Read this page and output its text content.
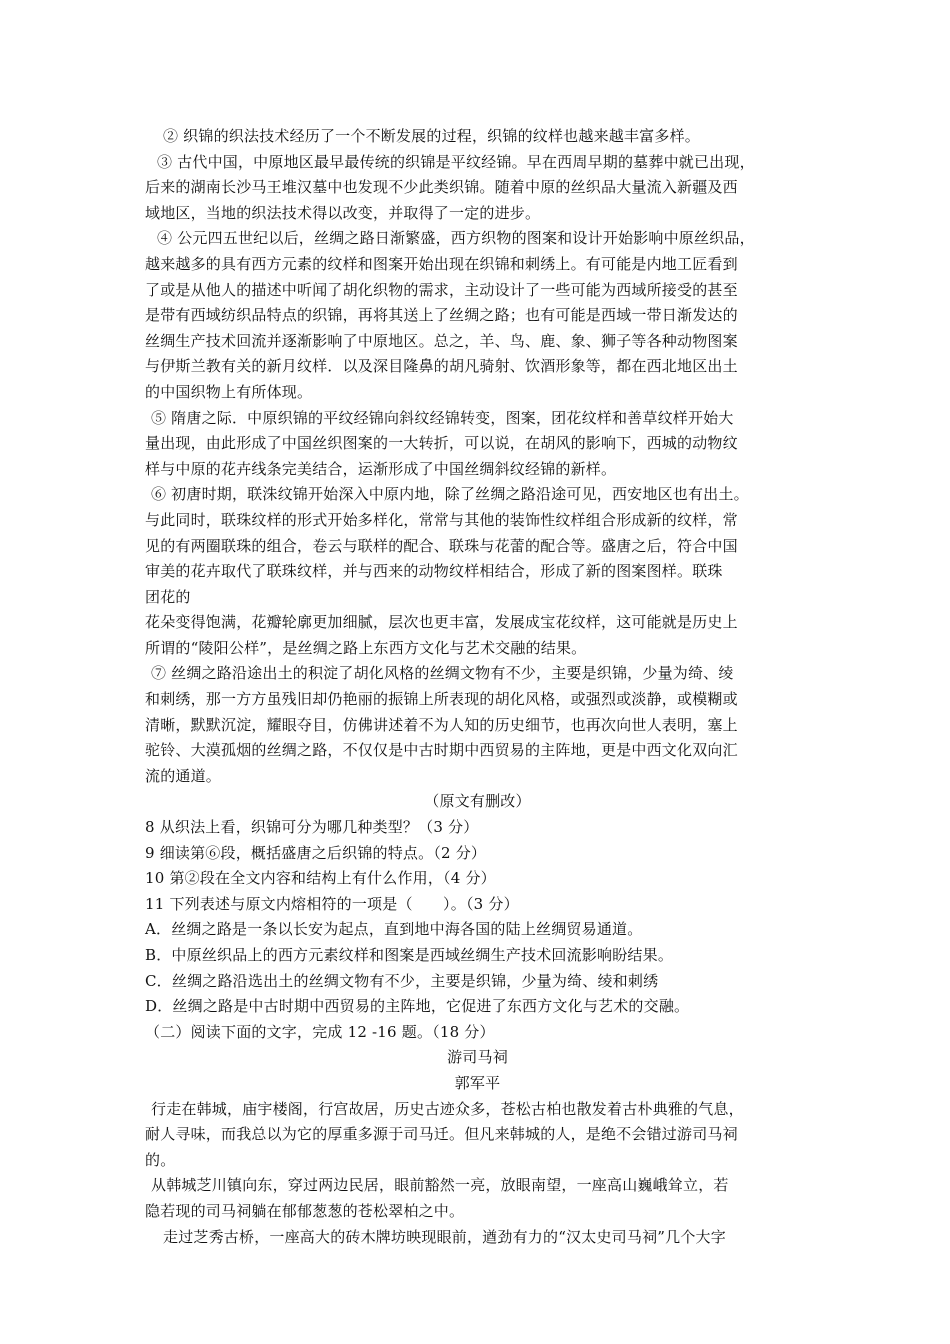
② 织锦的织法技术经历了一个不断发展的过程，织锦的纹样也越来越丰富多样。
③ 古代中国，中原地区最早最传统的织锦是平纹经锦。早在西周早期的墓葬中就已出现，
后来的湖南长沙马王堆汉墓中也发现不少此类织锦。随着中原的丝织品大量流入新疆及西
域地区，当地的织法技术得以改变，并取得了一定的进步。
④ 公元四五世纪以后，丝绸之路日渐繁盛，西方织物的图案和设计开始影响中原丝织品，
越来越多的具有西方元素的纹样和图案开始出现在织锦和刺绣上。有可能是内地工匠看到
了或是从他人的描述中听闻了胡化织物的需求，主动设计了一些可能为西域所接受的甚至
是带有西域纺织品特点的织锦，再将其送上了丝绸之路；也有可能是西域一带日渐发达的
丝绸生产技术回流并逐渐影响了中原地区。总之，羊、鸟、鹿、象、狮子等各种动物图案
与伊斯兰教有关的新月纹样．以及深目隆鼻的胡凡骑射、饮酒形象等，都在西北地区出土
的中国织物上有所体现。
⑤ 隋唐之际．中原织锦的平纹经锦向斜纹经锦转变，图案，团花纹样和善草纹样开始大
量出现，由此形成了中国丝织图案的一大转折，可以说，在胡风的影响下，西城的动物纹
样与中原的花卉线条完美结合，运渐形成了中国丝绸斜纹经锦的新样。
⑥ 初唐时期，联洙纹锦开始深入中原内地，除了丝绸之路沿途可见，西安地区也有出土。
与此同时，联珠纹样的形式开始多样化，常常与其他的装饰性纹样组合形成新的纹样，常
见的有两圈联珠的组合，卷云与联样的配合、联珠与花蕾的配合等。盛唐之后，符合中国
审美的花卉取代了联珠纹样，并与西来的动物纹样相结合，形成了新的图案图样。联珠
团花的
花朵变得饱满，花瓣轮廓更加细腻，层次也更丰富，发展成宝花纹样，这可能就是历史上
所谓的“陵阳公样”，是丝绸之路上东西方文化与艺术交融的结果。
⑦ 丝绸之路沿途出土的积淀了胡化风格的丝绸文物有不少，主要是织锦，少量为绮、绫
和刺绣，那一方方虽残旧却仍艳丽的振锦上所表现的胡化风格，或强烈或淡静，或模糊或
清晰，默默沉淀，耀眼夺目，仿佛讲述着不为人知的历史细节，也再次向世人表明，塞上
驼铃、大漠孤烟的丝绸之路，不仅仅是中古时期中西贸易的主阵地，更是中西文化双向汇
流的通道。
（原文有删改）
8 从织法上看，织锦可分为哪几种类型？（3 分）
9 细读第⑥段，概括盛唐之后织锦的特点。（2 分）
10 第②段在全文内容和结构上有什么作用，（4 分）
11 下列表述与原文内熔相符的一项是（　　）。（3 分）
A．丝绸之路是一条以长安为起点，直到地中海各国的陆上丝绸贸易通道。
B．中原丝织品上的西方元素纹样和图案是西域丝绸生产技术回流影响盼结果。
C．丝绸之路沿选出土的丝绸文物有不少，主要是织锦，少量为绮、绫和刺绣
D．丝绸之路是中古时期中西贸易的主阵地，它促进了东西方文化与艺术的交融。
（二）阅读下面的文字，完成 12 -16 题。（18 分）
游司马祠
郭军平
行走在韩城，庙宇楼阁，行宫故居，历史古迹众多，苍松古柏也散发着古朴典雅的气息，
耐人寻味，而我总以为它的厚重多源于司马迁。但凡来韩城的人，是绝不会错过游司马祠
的。
从韩城芝川镇向东，穿过两边民居，眼前豁然一亮，放眼南望，一座高山巍峨耸立，若
隐若现的司马祠躺在郁郁葱葱的苍松翠柏之中。
走过芝秀古桥，一座高大的砖木牌坊映现眼前，遒劲有力的“汉太史司马祠”几个大字
